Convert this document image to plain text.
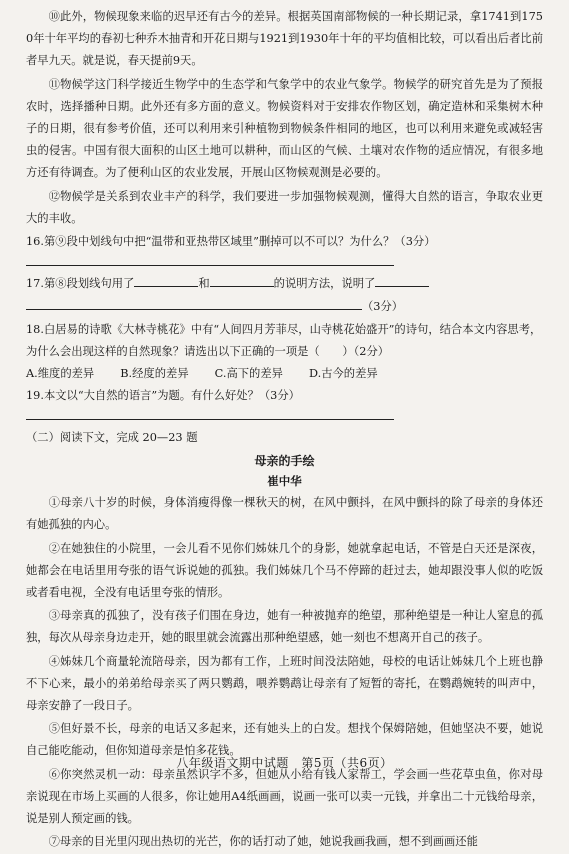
⑩此外，物候现象来临的迟早还有古今的差异。根据英国南部物候的一种长期记录，拿1741到1750年十年平均的春初七种乔木抽青和开花日期与1921到1930年十年的平均值相比较，可以看出后者比前者早九天。就是说，春天提前9天。

⑪物候学这门科学接近生物学中的生态学和气象学中的农业气象学。物候学的研究首先是为了预报农时，选择播种日期。此外还有多方面的意义。物候资料对于安排农作物区划，确定造林和采集树木种子的日期，很有参考价值，还可以利用来引种植物到物候条件相同的地区，也可以利用来避免或减轻害虫的侵害。中国有很大面积的山区土地可以耕种，而山区的气候、土壤对农作物的适应情况，有很多地方还有待调查。为了便利山区的农业发展，开展山区物候观测是必要的。

⑫物候学是关系到农业丰产的科学，我们要进一步加强物候观测，懂得大自然的语言，争取农业更大的丰收。

16.第⑨段中划线句中把“温带和亚热带区域里”删掉可以不可以？为什么？（3分）

17.第⑧段划线句用了	和	的说明方法，说明了

（3分）

18.白居易的诗歌《大林寺桃花》中有“人间四月芳菲尽，山寺桃花始盛开”的诗句，结合本文内容思考，为什么会出现这样的自然现象？请选出以下正确的一项是（　　）（2分）

A.维度的差异 B.经度的差异 C.高下的差异 D.古今的差异

19.本文以“大自然的语言”为题。有什么好处？（3分）

（二）阅读下文，完成 20—23 题

母亲的手绘

崔中华

①母亲八十岁的时候，身体消瘦得像一棵秋天的树，在风中颤抖，在风中颤抖的除了母亲的身体还有她孤独的内心。

②在她独住的小院里，一会儿看不见你们姊妹几个的身影，她就拿起电话，不管是白天还是深夜，她都会在电话里用夸张的语气诉说她的孤独。我们姊妹几个马不停蹄的赶过去，她却跟没事人似的吃饭或者看电视，全没有电话里夸张的情形。

③母亲真的孤独了，没有孩子们围在身边，她有一种被抛弃的绝望，那种绝望是一种让人窒息的孤独，每次从母亲身边走开，她的眼里就会流露出那种绝望感，她一刻也不想离开自己的孩子。

④姊妹几个商量轮流陪母亲，因为都有工作，上班时间没法陪她，母校的电话让姊妹几个上班也静不下心来，最小的弟弟给母亲买了两只鹦鹉，喂养鹦鹉让母亲有了短暂的寄托，在鹦鹉婉转的叫声中，母亲安静了一段日子。

⑤但好景不长，母亲的电话又多起来，还有她头上的白发。想找个保姆陪她，但她坚决不要，她说自己能吃能动，但你知道母亲是怕多花钱。

⑥你突然灵机一动：母亲虽然识字不多，但她从小给有钱人家帮工，学会画一些花草虫鱼，你对母亲说现在市场上买画的人很多，你让她用A4纸画画，说画一张可以卖一元钱，并拿出二十元钱给母亲，说是别人预定画的钱。

⑦母亲的目光里闪现出热切的光芒，你的话打动了她，她说我画我画，想不到画画还能

八年级语文期中试题　第5页（共6页）
